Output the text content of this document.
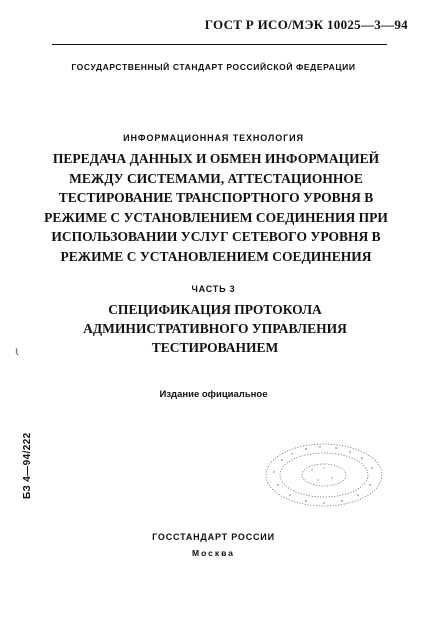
ГОСТ Р ИСО/МЭК 10025—3—94
ГОСУДАРСТВЕННЫЙ СТАНДАРТ РОССИЙСКОЙ ФЕДЕРАЦИИ
ИНФОРМАЦИОННАЯ ТЕХНОЛОГИЯ
ПЕРЕДАЧА ДАННЫХ И ОБМЕН ИНФОРМАЦИЕЙ
МЕЖДУ СИСТЕМАМИ, АТТЕСТАЦИОННОЕ
ТЕСТИРОВАНИЕ ТРАНСПОРТНОГО УРОВНЯ В
РЕЖИМЕ С УСТАНОВЛЕНИЕМ СОЕДИНЕНИЯ ПРИ
ИСПОЛЬЗОВАНИИ УСЛУГ СЕТЕВОГО УРОВНЯ В
РЕЖИМЕ С УСТАНОВЛЕНИЕМ СОЕДИНЕНИЯ
ЧАСТЬ 3
СПЕЦИФИКАЦИЯ ПРОТОКОЛА
АДМИНИСТРАТИВНОГО УПРАВЛЕНИЯ
ТЕСТИРОВАНИЕМ
Издание официальное
БЗ 4—94/222
ГОССТАНДАРТ РОССИИ
Москва
